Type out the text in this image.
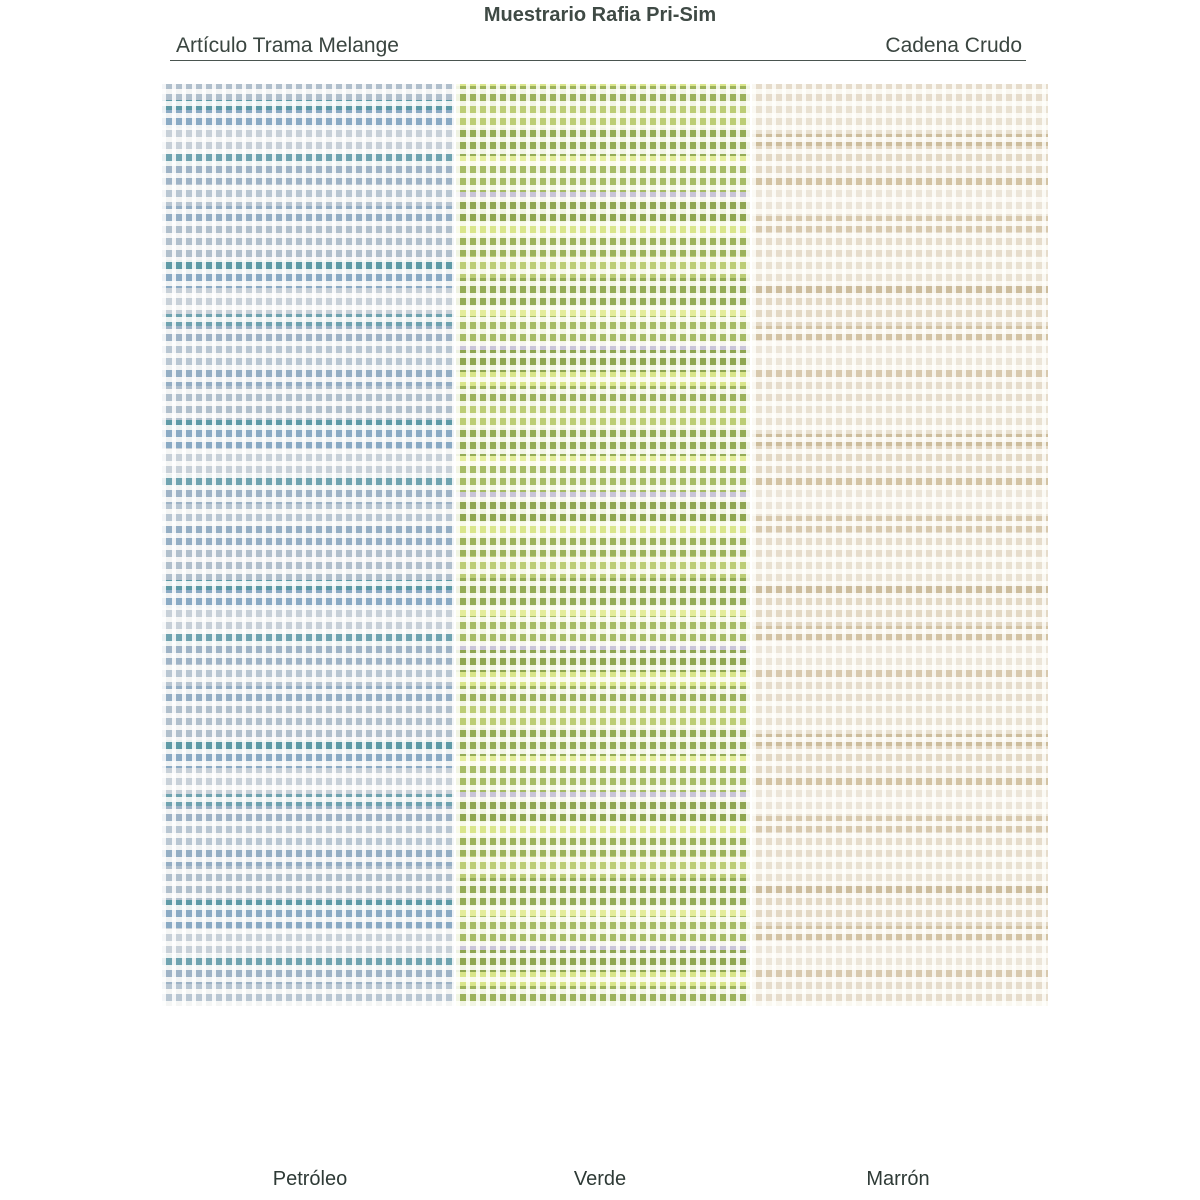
Muestrario Rafia Pri-Sim
Artículo Trama Melange	Cadena Crudo
Petróleo	Verde	Marrón
